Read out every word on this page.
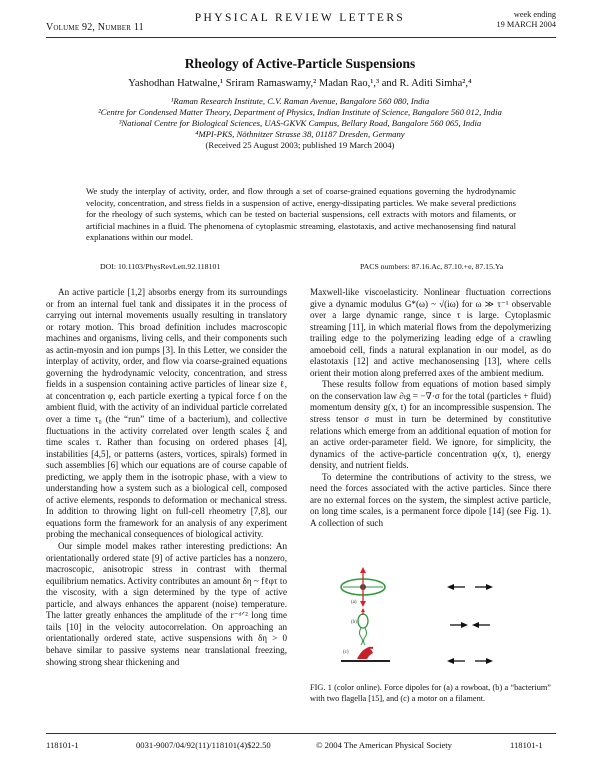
Volume 92, Number 11
PHYSICAL REVIEW LETTERS	week ending
19 MARCH 2004
Rheology of Active-Particle Suspensions
Yashodhan Hatwalne,¹ Sriram Ramaswamy,² Madan Rao,¹,³ and R. Aditi Simha²,⁴
¹Raman Research Institute, C.V. Raman Avenue, Bangalore 560 080, India
²Centre for Condensed Matter Theory, Department of Physics, Indian Institute of Science, Bangalore 560 012, India
³National Centre for Biological Sciences, UAS-GKVK Campus, Bellary Road, Bangalore 560 065, India
⁴MPI-PKS, Nöthnitzer Strasse 38, 01187 Dresden, Germany
(Received 25 August 2003; published 19 March 2004)
We study the interplay of activity, order, and flow through a set of coarse-grained equations governing the hydrodynamic velocity, concentration, and stress fields in a suspension of active, energy-dissipating particles. We make several predictions for the rheology of such systems, which can be tested on bacterial suspensions, cell extracts with motors and filaments, or artificial machines in a fluid. The phenomena of cytoplasmic streaming, elastotaxis, and active mechanosensing find natural explanations within our model.
DOI: 10.1103/PhysRevLett.92.118101	PACS numbers: 87.16.Ac, 87.10.+e, 87.15.Ya

An active particle [1,2] absorbs energy from its surroundings or from an internal fuel tank and dissipates it in the process of carrying out internal movements usually resulting in translatory or rotary motion. This broad definition includes macroscopic machines and organisms, living cells, and their components such as actin-myosin and ion pumps [3]. In this Letter, we consider the interplay of activity, order, and flow via coarse-grained equations governing the hydrodynamic velocity, concentration, and stress fields in a suspension containing active particles of linear size ℓ, at concentration φ, each particle exerting a typical force f on the ambient fluid, with the activity of an individual particle correlated over a time τ₀ (the “run” time of a bacterium), and collective fluctuations in the activity correlated over length scales ξ and time scales τ. Rather than focusing on ordered phases [4], instabilities [4,5], or patterns (asters, vortices, spirals) formed in such assemblies [6] which our equations are of course capable of predicting, we apply them in the isotropic phase, with a view to understanding how a system such as a biological cell, composed of active elements, responds to deformation or mechanical stress. In addition to throwing light on full-cell rheometry [7,8], our equations form the framework for an analysis of any experiment probing the mechanical consequences of biological activity.

Our simple model makes rather interesting predictions: An orientationally ordered state [9] of active particles has a nonzero, macroscopic, anisotropic stress in contrast with thermal equilibrium nematics. Activity contributes an amount δη ~ fℓφτ to the viscosity, with a sign determined by the type of active particle, and always enhances the apparent (noise) temperature. The latter greatly enhances the amplitude of the r⁻ᵈᐟ² long time tails [10] in the velocity autocorrelation. On approaching an orientationally ordered state, active suspensions with δη > 0 behave similar to passive systems near translational freezing, showing strong shear thickening and

Maxwell-like viscoelasticity. Nonlinear fluctuation corrections give a dynamic modulus G*(ω) ~ √(iω) for ω ≫ τ⁻¹ observable over a large dynamic range, since τ is large. Cytoplasmic streaming [11], in which material flows from the depolymerizing trailing edge to the polymerizing leading edge of a crawling amoeboid cell, finds a natural explanation in our model, as do elastotaxis [12] and active mechanosensing [13], where cells orient their motion along preferred axes of the ambient medium.

These results follow from equations of motion based simply on the conservation law ∂ₜg = −∇·σ for the total (particles + fluid) momentum density g(x, t) for an incompressible suspension. The stress tensor σ must in turn be determined by constitutive relations which emerge from an additional equation of motion for an active order-parameter field. We ignore, for simplicity, the dynamics of the active-particle concentration φ(x, t), energy density, and nutrient fields.

To determine the contributions of activity to the stress, we need the forces associated with the active particles. Since there are no external forces on the system, the simplest active particle, on long time scales, is a permanent force dipole [14] (see Fig. 1). A collection of such

(a)
(b)
(c)
FIG. 1 (color online). Force dipoles for (a) a rowboat, (b) a “bacterium” with two flagella [15], and (c) a motor on a filament.
118101-1	0031-9007/04/92(11)/118101(4)$22.50	© 2004 The American Physical Society	118101-1
